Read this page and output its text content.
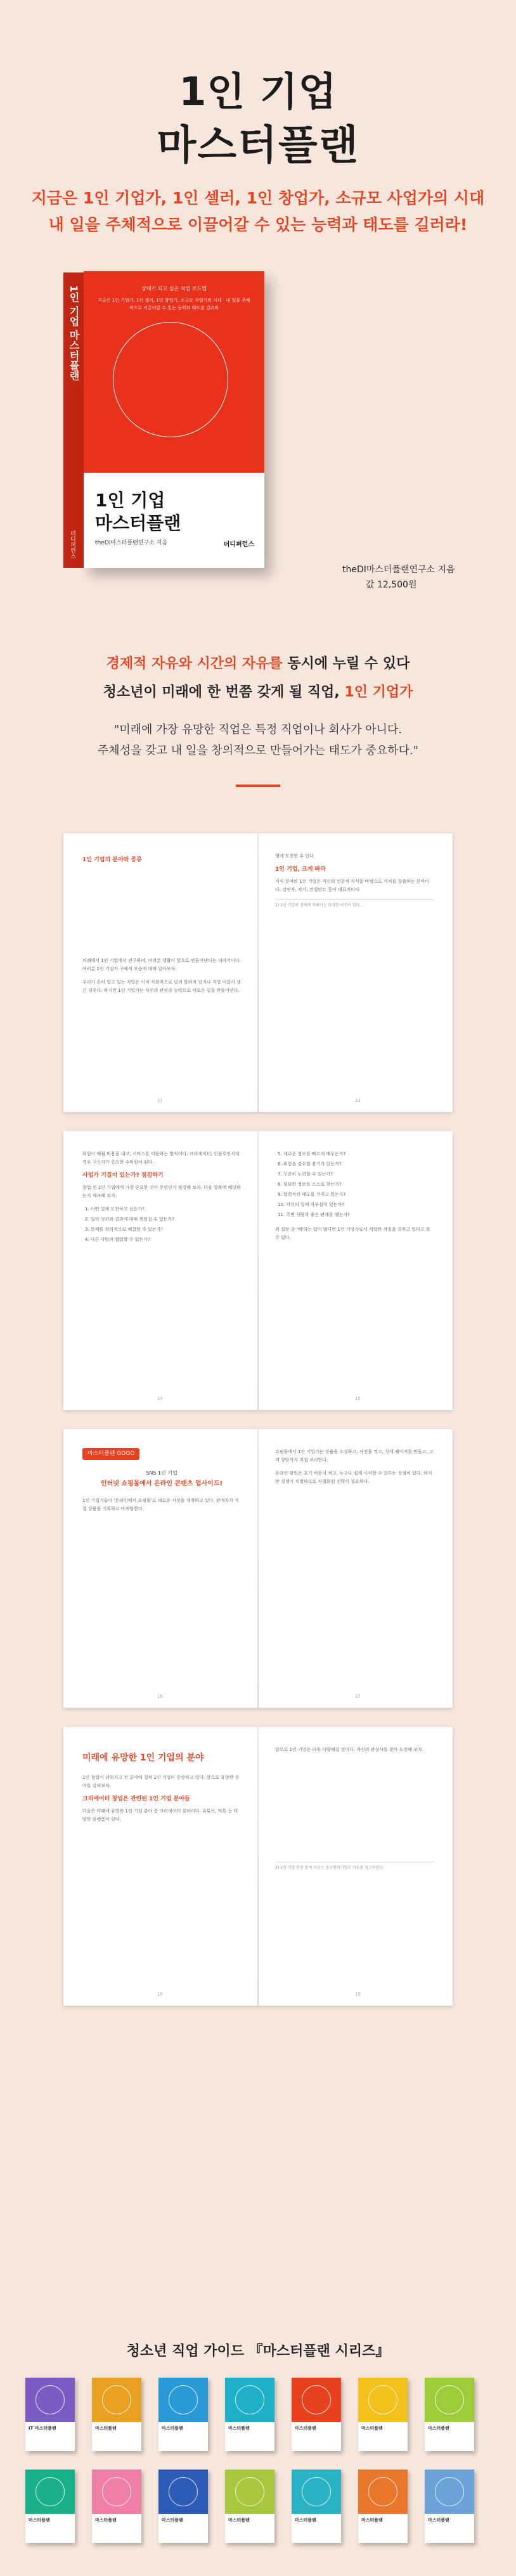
1인 기업
마스터플랜
지금은 1인 기업가, 1인 셀러, 1인 창업가, 소규모 사업가의 시대
내 일을 주체적으로 이끌어갈 수 있는 능력과 태도를 길러라!
1인 기업 마스터플랜
더디퍼런스
상대가 되고 싶은 직업 로드맵
지금은 1인 기업가, 1인 셀러, 1인 창업가, 소규모 사업가의 시대 · 내 일을 주체적으로 이끌어갈 수 있는 능력과 태도를 길러라
1인 기업
마스터플랜
theDI마스터플랜연구소 지음	더디퍼런스
theDI마스터플랜연구소 지음
값 12,500원
경제적 자유와 시간의 자유를 동시에 누릴 수 있다
청소년이 미래에 한 번쯤 갖게 될 직업, 1인 기업가
"미래에 가장 유망한 직업은 특정 직업이나 회사가 아니다.
주체성을 갖고 내 일을 창의적으로 만들어가는 태도가 중요하다."
1인 기업의 분야와 종류

미래에서 1인 기업에서 연구하며, 여러분 생활이 앞으로 만들어낸다는 이야기이다. 여러분 1인 기업가 구체적 모습에 대해 알아보자.

우리가 흔히 알고 있는 직업은 이미 사회적으로 널리 알려져 있거나 직업 이름이 생긴 경우다. 하지만 1인 기업가는 자신의 관심과 능력으로 새로운 일을 만들어낸다.

행에 도전할 수 있다.

1인 기업, 크게 봐라

지식 분야의 1인 기업은 자신의 전문적 지식을 바탕으로 가치를 창출하는 분야이다. 강연자, 작가, 컨설턴트 등이 대표적이다.

1) 1인 기업의 정의에 대해서는 다양한 의견이 있다.
12	13

회원이 매월 비용을 내고, 서비스를 이용하는 방식이다. 크리에이터, 인플루언서의 경우 구독자가 중요한 수익원이 된다.

사업가 기질이 있는가? 점검하기

창업 전 1인 기업에게 가장 중요한 것이 무엇인지 점검해 보자. 다음 항목에 해당하는지 체크해 보자.

1. 어떤 일에 도전하고 싶은가?
2. 일의 성과와 결과에 대해 책임질 수 있는가?
3. 문제를 창의적으로 해결할 수 있는가?
4. 다른 사람과 협업할 수 있는가?
5. 새로운 정보를 빠르게 배우는가?
6. 위험을 감수할 용기가 있는가?
7. 꾸준히 노력할 수 있는가?
8. 필요한 정보를 스스로 찾는가?
9. 협력적인 태도를 가지고 있는가?
10. 자신의 일에 자부심이 있는가?
11. 주변 사람과 좋은 관계를 맺는가?

위 질문 중 '예'라는 답이 많다면 1인 기업가로서 적합한 자질을 갖추고 있다고 볼 수 있다.

14	15
마스터플랜 GOGO
SNS 1인 기업
인터넷 쇼핑몰에서 온라인 콘텐츠 업사이드!

1인 기업가들이 '온라인에서 쇼핑몰'로 새로운 시장을 개척하고 있다. 판매자가 직접 상품을 기획하고 마케팅한다.

쇼핑몰에서 1인 기업가는 상품을 소싱하고, 사진을 찍고, 상세 페이지를 만들고, 고객 상담까지 직접 처리한다.

온라인 창업은 초기 비용이 적고, 누구나 쉽게 시작할 수 있다는 장점이 있다. 하지만 경쟁이 치열하므로 차별화된 전략이 필요하다.

16	17
미래에 유망한 1인 기업의 분야

1인 창업이 쉬워지고 전 분야에 걸쳐 1인 기업이 등장하고 있다. 앞으로 유망한 분야를 살펴보자.

크리에이터 창업은 관련된 1인 기업 분야들

다음은 미래에 유망한 1인 기업 분야 중 크리에이터 분야이다. 유튜브, 틱톡 등 다양한 플랫폼이 있다.

앞으로 1인 기업은 더욱 다양해질 것이다. 자신의 관심사를 찾아 도전해 보자.

2) 1인 기업 관련 통계 자료는 중소벤처기업부 자료를 참고하였다.
18	19
청소년 직업 가이드 『마스터플랜 시리즈』
IT 마스터플랜	마스터플랜	마스터플랜	마스터플랜	마스터플랜	마스터플랜	마스터플랜
마스터플랜	마스터플랜	마스터플랜	마스터플랜	마스터플랜	마스터플랜	마스터플랜
